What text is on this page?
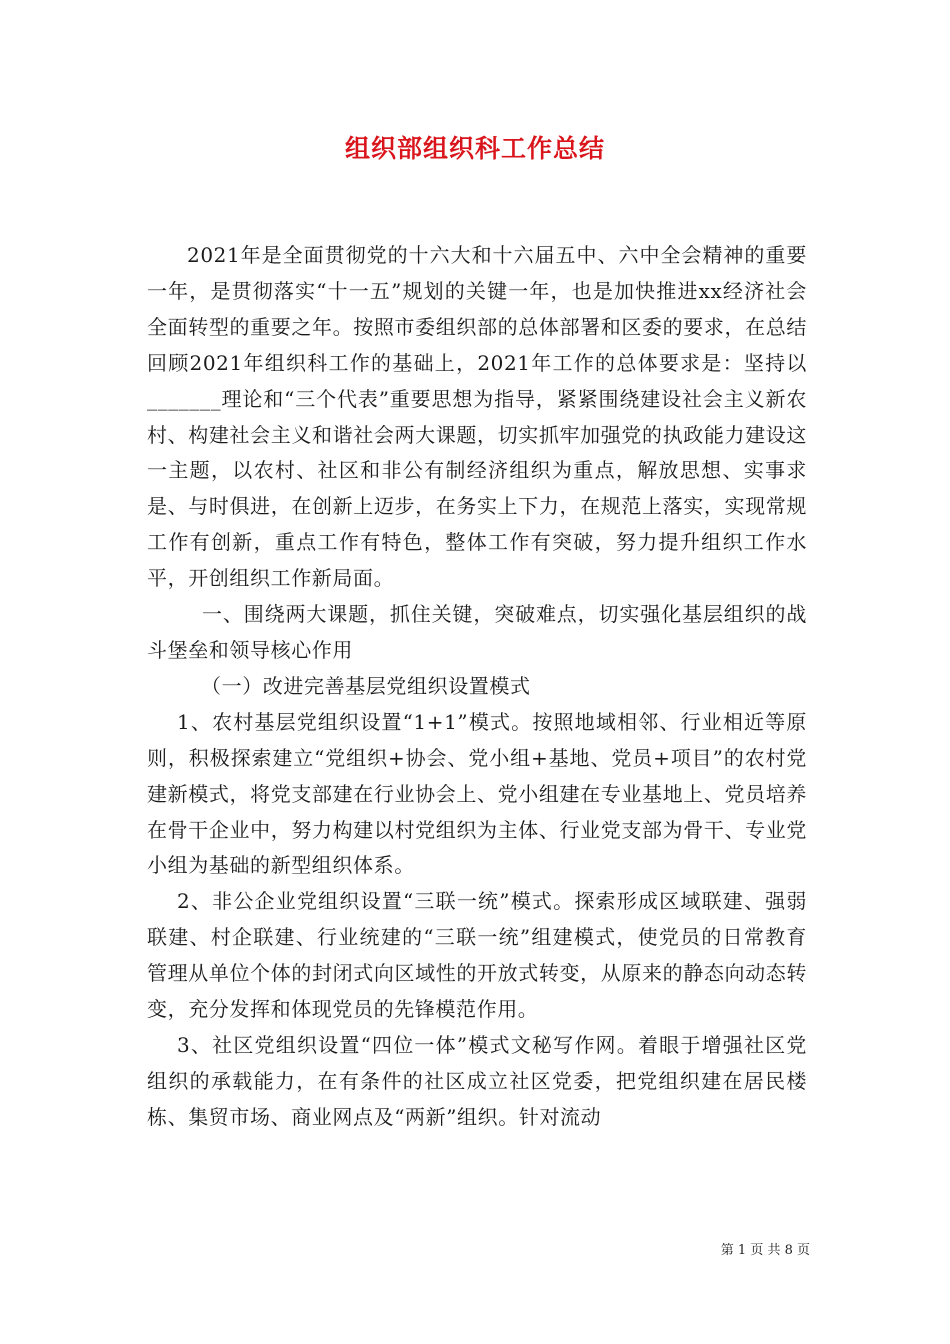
组织部组织科工作总结

2021年是全面贯彻党的十六大和十六届五中、六中全会精神的重要一年，是贯彻落实“十一五”规划的关键一年，也是加快推进xx经济社会全面转型的重要之年。按照市委组织部的总体部署和区委的要求，在总结回顾2021年组织科工作的基础上，2021年工作的总体要求是：坚持以_______理论和“三个代表”重要思想为指导，紧紧围绕建设社会主义新农村、构建社会主义和谐社会两大课题，切实抓牢加强党的执政能力建设这一主题，以农村、社区和非公有制经济组织为重点，解放思想、实事求是、与时俱进，在创新上迈步，在务实上下力，在规范上落实，实现常规工作有创新，重点工作有特色，整体工作有突破，努力提升组织工作水平，开创组织工作新局面。

一、围绕两大课题，抓住关键，突破难点，切实强化基层组织的战斗堡垒和领导核心作用

（一）改进完善基层党组织设置模式

1、农村基层党组织设置“1+1”模式。按照地域相邻、行业相近等原则，积极探索建立“党组织+协会、党小组+基地、党员+项目”的农村党建新模式，将党支部建在行业协会上、党小组建在专业基地上、党员培养在骨干企业中，努力构建以村党组织为主体、行业党支部为骨干、专业党小组为基础的新型组织体系。

2、非公企业党组织设置“三联一统”模式。探索形成区域联建、强弱联建、村企联建、行业统建的“三联一统”组建模式，使党员的日常教育管理从单位个体的封闭式向区域性的开放式转变，从原来的静态向动态转变，充分发挥和体现党员的先锋模范作用。

3、社区党组织设置“四位一体”模式文秘写作网。着眼于增强社区党组织的承载能力，在有条件的社区成立社区党委，把党组织建在居民楼栋、集贸市场、商业网点及“两新”组织。针对流动

第 1 页 共 8 页
